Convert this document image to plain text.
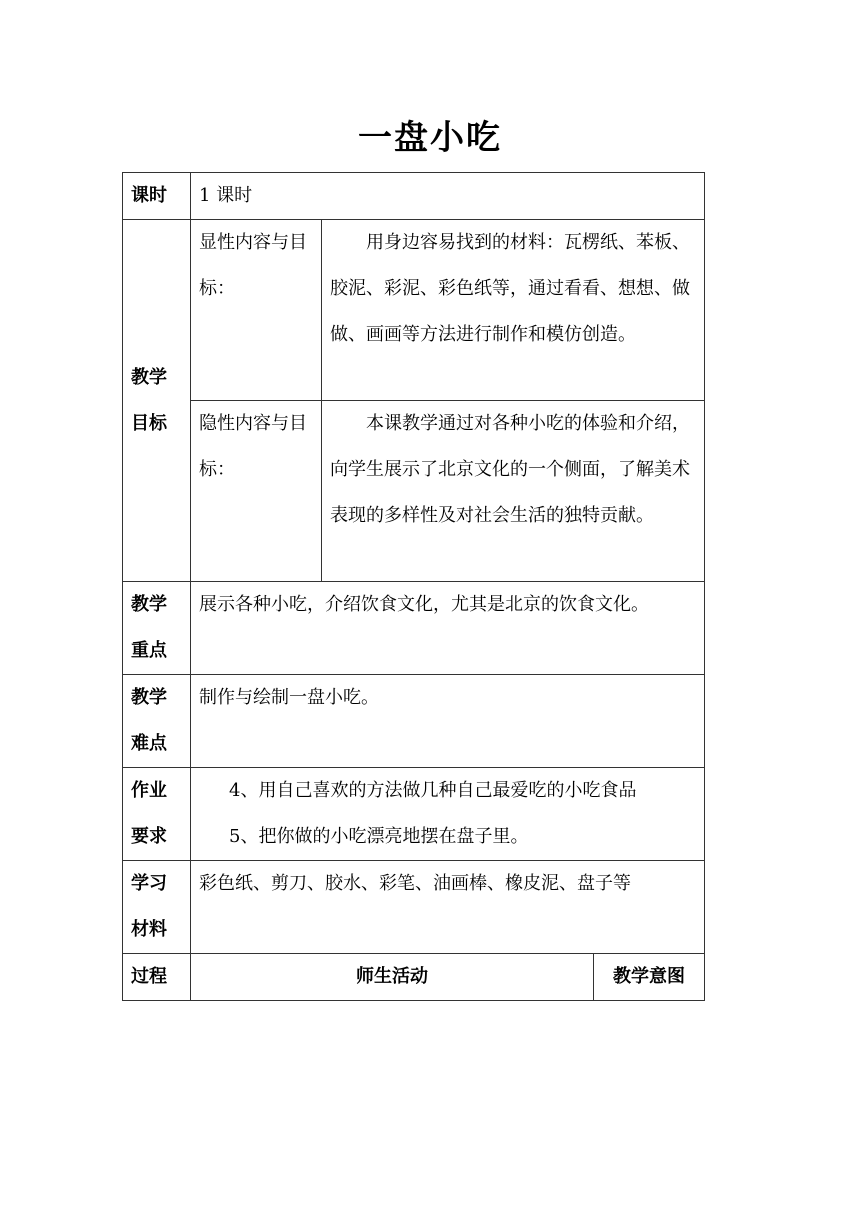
一盘小吃
课时	1 课时		

教学
目标	显性内容与目标：	用身边容易找到的材料：瓦楞纸、苯板、胶泥、彩泥、彩色纸等，通过看看、想想、做做、画画等方法进行制作和模仿创造。	
	隐性内容与目标：	本课教学通过对各种小吃的体验和介绍，向学生展示了北京文化的一个侧面，了解美术表现的多样性及对社会生活的独特贡献。	

教学
重点	展示各种小吃，介绍饮食文化，尤其是北京的饮食文化。		

教学
难点	制作与绘制一盘小吃。		

作业
要求	4、用自己喜欢的方法做几种自己最爱吃的小吃食品
5、把你做的小吃漂亮地摆在盘子里。		

学习
材料	彩色纸、剪刀、胶水、彩笔、油画棒、橡皮泥、盘子等		
过程	师生活动		教学意图
